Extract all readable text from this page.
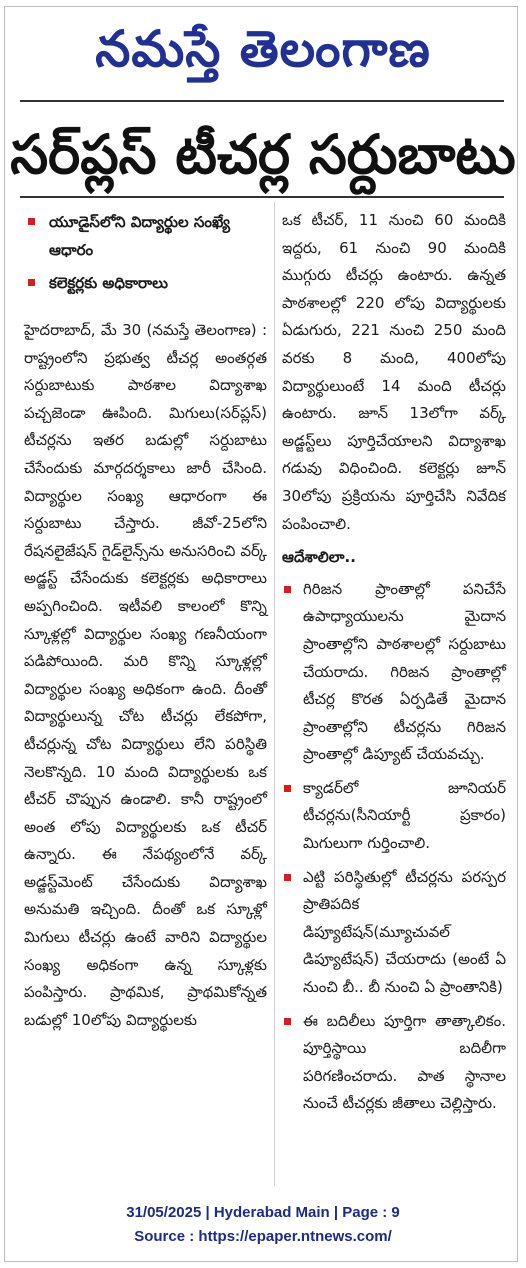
నమస్తే తెలంగాణ
సర్‌ప్లస్ టీచర్ల సర్దుబాటు
యూడైస్‌లోని విద్యార్థుల సంఖ్యే ఆధారం
కలెక్టర్లకు అధికారాలు

హైదరాబాద్, మే 30 (నమస్తే తెలంగాణ) : రాష్ట్రంలోని ప్రభుత్వ టీచర్ల అంతర్గత సర్దుబాటుకు పాఠశాల విద్యాశాఖ పచ్చజెండా ఊపింది. మిగులు(సర్‌ప్లస్) టీచర్లను ఇతర బడుల్లో సర్దుబాటు చేసేందుకు మార్గదర్శకాలు జారీ చేసింది. విద్యార్థుల సంఖ్య ఆధారంగా ఈ సర్దుబాటు చేస్తారు. జీవో-25లోని రేషనలైజేషన్ గైడ్‌లైన్స్‌ను అనుసరించి వర్క్ అడ్జస్ట్ చేసేందుకు కలెక్టర్లకు అధికారాలు అప్పగించింది. ఇటీవలి కాలంలో కొన్ని స్కూళ్లల్లో విద్యార్థుల సంఖ్య గణనీయంగా పడిపోయింది. మరి కొన్ని స్కూళ్లల్లో విద్యార్థుల సంఖ్య అధికంగా ఉంది. దీంతో విద్యార్థులున్న చోట టీచర్లు లేకపోగా, టీచర్లున్న చోట విద్యార్థులు లేని పరిస్థితి నెలకొన్నది. 10 మంది విద్యార్థులకు ఒక టీచర్ చొప్పున ఉండాలి. కానీ రాష్ట్రంలో అంత లోపు విద్యార్థులకు ఒక టీచర్ ఉన్నారు. ఈ నేపథ్యంలోనే వర్క్ అడ్జస్ట్‌మెంట్ చేసేందుకు విద్యాశాఖ అనుమతి ఇచ్చింది. దీంతో ఒక స్కూళ్లో మిగులు టీచర్లు ఉంటే వారిని విద్యార్థుల సంఖ్య అధికంగా ఉన్న స్కూళ్లకు పంపిస్తారు. ప్రాథమిక, ప్రాథమికోన్నత బడుల్లో 10లోపు విద్యార్థులకు

ఒక టీచర్, 11 నుంచి 60 మందికి ఇద్దరు, 61 నుంచి 90 మందికి ముగ్గురు టీచర్లు ఉంటారు. ఉన్నత పాఠశాలల్లో 220 లోపు విద్యార్థులకు ఏడుగురు, 221 నుంచి 250 మంది వరకు 8 మంది, 400లోపు విద్యార్థులుంటే 14 మంది టీచర్లు ఉంటారు. జూన్ 13లోగా వర్క్ అడ్జస్ట్‌లు పూర్తిచేయాలని విద్యాశాఖ గడువు విధించింది. కలెక్టర్లు జూన్ 30లోపు ప్రక్రియను పూర్తిచేసి నివేదిక పంపించాలి.

ఆదేశాలిలా..
గిరిజన ప్రాంతాల్లో పనిచేసే ఉపాధ్యాయులను మైదాన ప్రాంతాల్లోని పాఠశాలల్లో సర్దుబాటు చేయరాదు. గిరిజన ప్రాంతాల్లో టీచర్ల కొరత ఏర్పడితే మైదాన ప్రాంతాల్లోని టీచర్లను గిరిజన ప్రాంతాల్లో డిప్యూట్ చేయవచ్చు.
క్యాడర్‌లో జూనియర్ టీచర్లను(సీనియార్టీ ప్రకారం) మిగులుగా గుర్తించాలి.
ఎట్టి పరిస్థితుల్లో టీచర్లను పరస్పర ప్రాతిపదిక డిప్యూటేషన్(మ్యూచువల్ డిప్యూటేషన్) చేయరాదు (అంటే ఏ నుంచి బీ.. బీ నుంచి ఏ ప్రాంతానికి)
ఈ బదిలీలు పూర్తిగా తాత్కాలికం. పూర్తిస్థాయి బదిలీగా పరిగణించరాదు. పాత స్థానాల నుంచే టీచర్లకు జీతాలు చెల్లిస్తారు.
31/05/2025 | Hyderabad Main | Page : 9
Source : https://epaper.ntnews.com/
